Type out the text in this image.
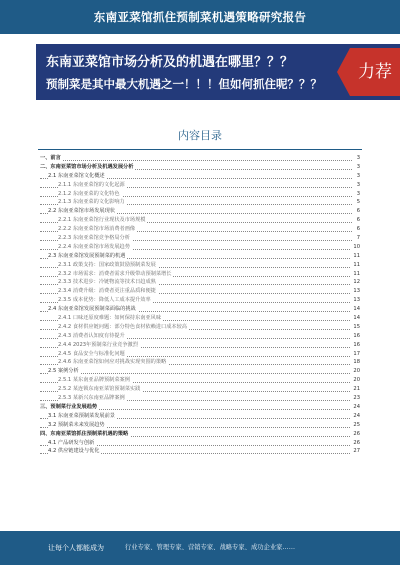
东南亚菜馆抓住预制菜机遇策略研究报告
东南亚菜馆市场分析及的机遇在哪里？？？
预制菜是其中最大机遇之一！！！但如何抓住呢？？？
力荐
内容目录
一、前言	3
二、东南亚菜馆市场分析及机遇发展分析	3
2.1 东南亚菜馆文化概述	3
2.1.1 东南亚菜馆的文化起源	3
2.1.2 东南亚菜的文化特色	3
2.1.3 东南亚菜的文化影响力	5
2.2 东南亚菜馆市场发展现状	6
2.2.1 东南亚菜馆行业现状及市场规模	6
2.2.2 东南亚菜馆市场消费者画像	6
2.2.3 东南亚菜馆竞争格局分析	7
2.2.4 东南亚菜馆市场发展趋势	10
2.3 东南亚菜馆发展预制菜的机遇	11
2.3.1 政策支持：国家政策鼓励预制菜发展	11
2.3.2 市场需求：消费者需求升级带动预制菜增长	11
2.3.3 技术进步：冷链物流等技术日趋成熟	12
2.3.4 消费升级：消费者更注重品质和便捷	13
2.3.5 成本优势：降低人工成本提升效率	13
2.4 东南亚菜馆发展预制菜面临的挑战	14
2.4.1 口味还原度难题：如何保持东南亚风味	14
2.4.2 食材供应链问题：部分特色食材依赖进口成本较高	15
2.4.3 消费者认知度有待提升	16
2.4.4 2023年预制菜行业竞争激烈	16
2.4.5 食品安全与标准化问题	17
2.4.6 东南亚菜馆如何应对挑战实现突围的策略	18
2.5 案例分析	20
2.5.1 某东南亚品牌预制菜案例	20
2.5.2 某连锁东南亚菜馆预制菜实践	21
2.5.3 某新兴东南亚品牌案例	23
三、预制菜行业发展趋势	24
3.1 东南亚菜预制菜发展前景	24
3.2 预制菜未来发展趋势	25
四、东南亚菜馆抓住预制菜机遇的策略	26
4.1 产品研发与创新	26
4.2 供应链建设与优化	27
让每个人都能成为	行业专家、管理专家、营销专家、战略专家、成功企业家……
